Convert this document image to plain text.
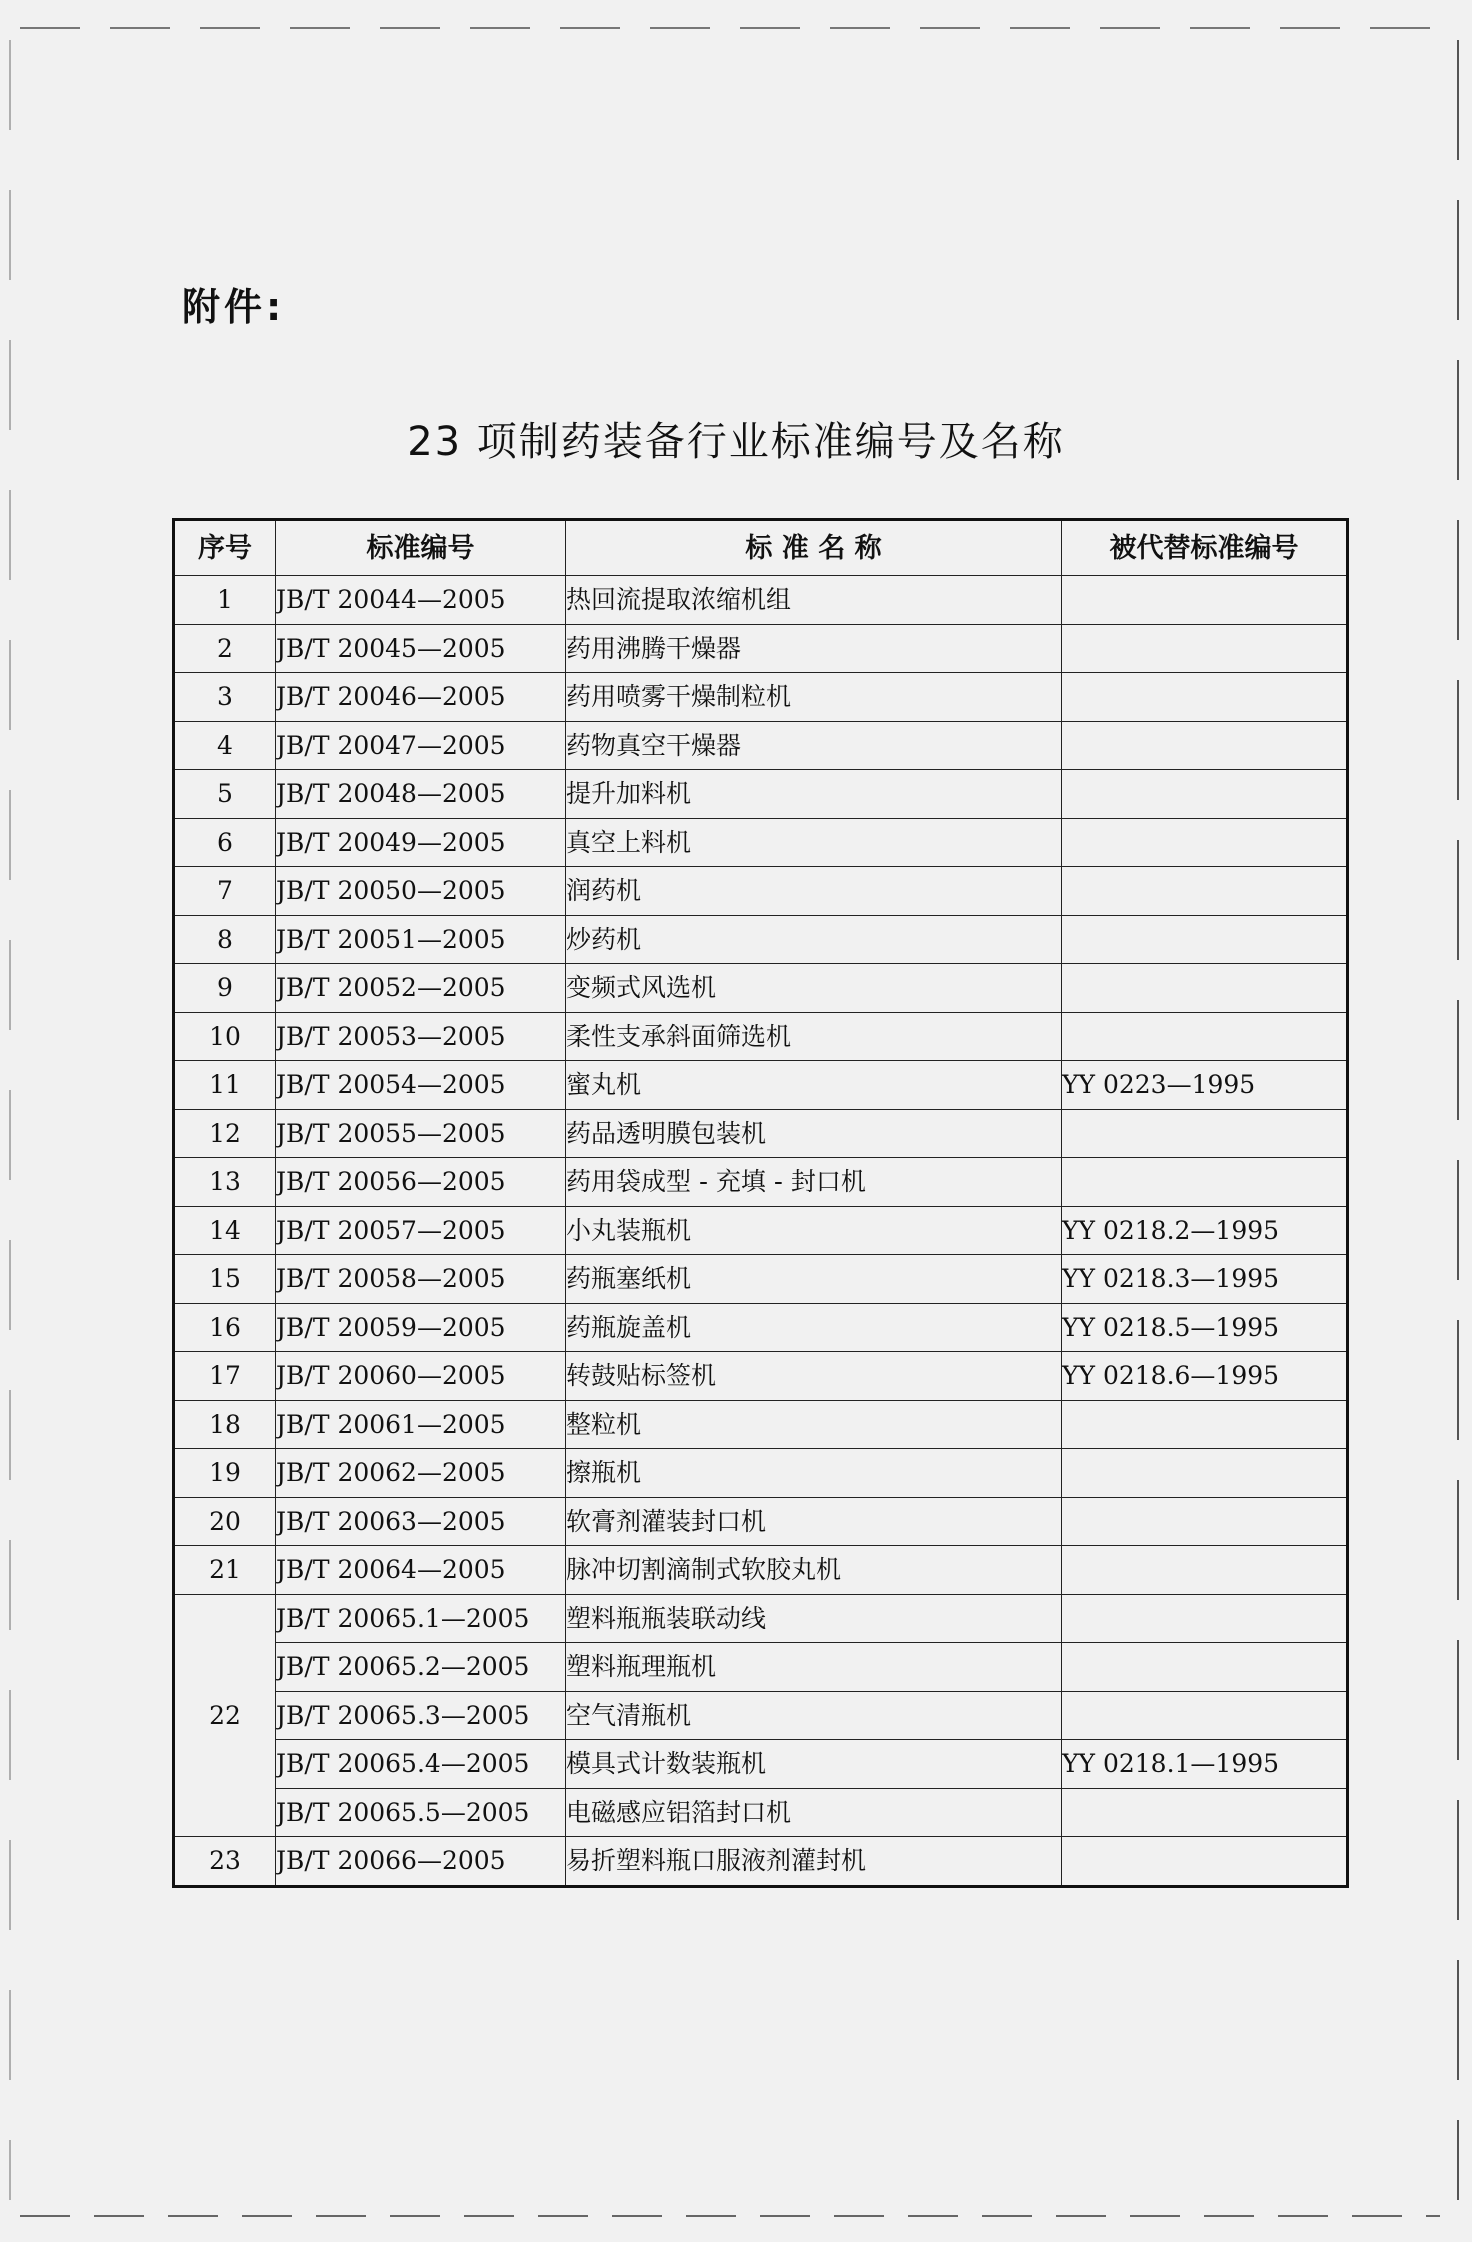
附件:
23 项制药装备行业标准编号及名称
序号	标准编号	标 准 名 称	被代替标准编号
1	JB/T 20044—2005	热回流提取浓缩机组	
2	JB/T 20045—2005	药用沸腾干燥器	
3	JB/T 20046—2005	药用喷雾干燥制粒机	
4	JB/T 20047—2005	药物真空干燥器	
5	JB/T 20048—2005	提升加料机	
6	JB/T 20049—2005	真空上料机	
7	JB/T 20050—2005	润药机	
8	JB/T 20051—2005	炒药机	
9	JB/T 20052—2005	变频式风选机	
10	JB/T 20053—2005	柔性支承斜面筛选机	
11	JB/T 20054—2005	蜜丸机	YY 0223—1995
12	JB/T 20055—2005	药品透明膜包装机	
13	JB/T 20056—2005	药用袋成型 - 充填 - 封口机	
14	JB/T 20057—2005	小丸装瓶机	YY 0218.2—1995
15	JB/T 20058—2005	药瓶塞纸机	YY 0218.3—1995
16	JB/T 20059—2005	药瓶旋盖机	YY 0218.5—1995
17	JB/T 20060—2005	转鼓贴标签机	YY 0218.6—1995
18	JB/T 20061—2005	整粒机	
19	JB/T 20062—2005	擦瓶机	
20	JB/T 20063—2005	软膏剂灌装封口机	
21	JB/T 20064—2005	脉冲切割滴制式软胶丸机	
22	JB/T 20065.1—2005	塑料瓶瓶装联动线	
	JB/T 20065.2—2005	塑料瓶理瓶机	
	JB/T 20065.3—2005	空气清瓶机	
	JB/T 20065.4—2005	模具式计数装瓶机	YY 0218.1—1995
	JB/T 20065.5—2005	电磁感应铝箔封口机	
23	JB/T 20066—2005	易折塑料瓶口服液剂灌封机	
